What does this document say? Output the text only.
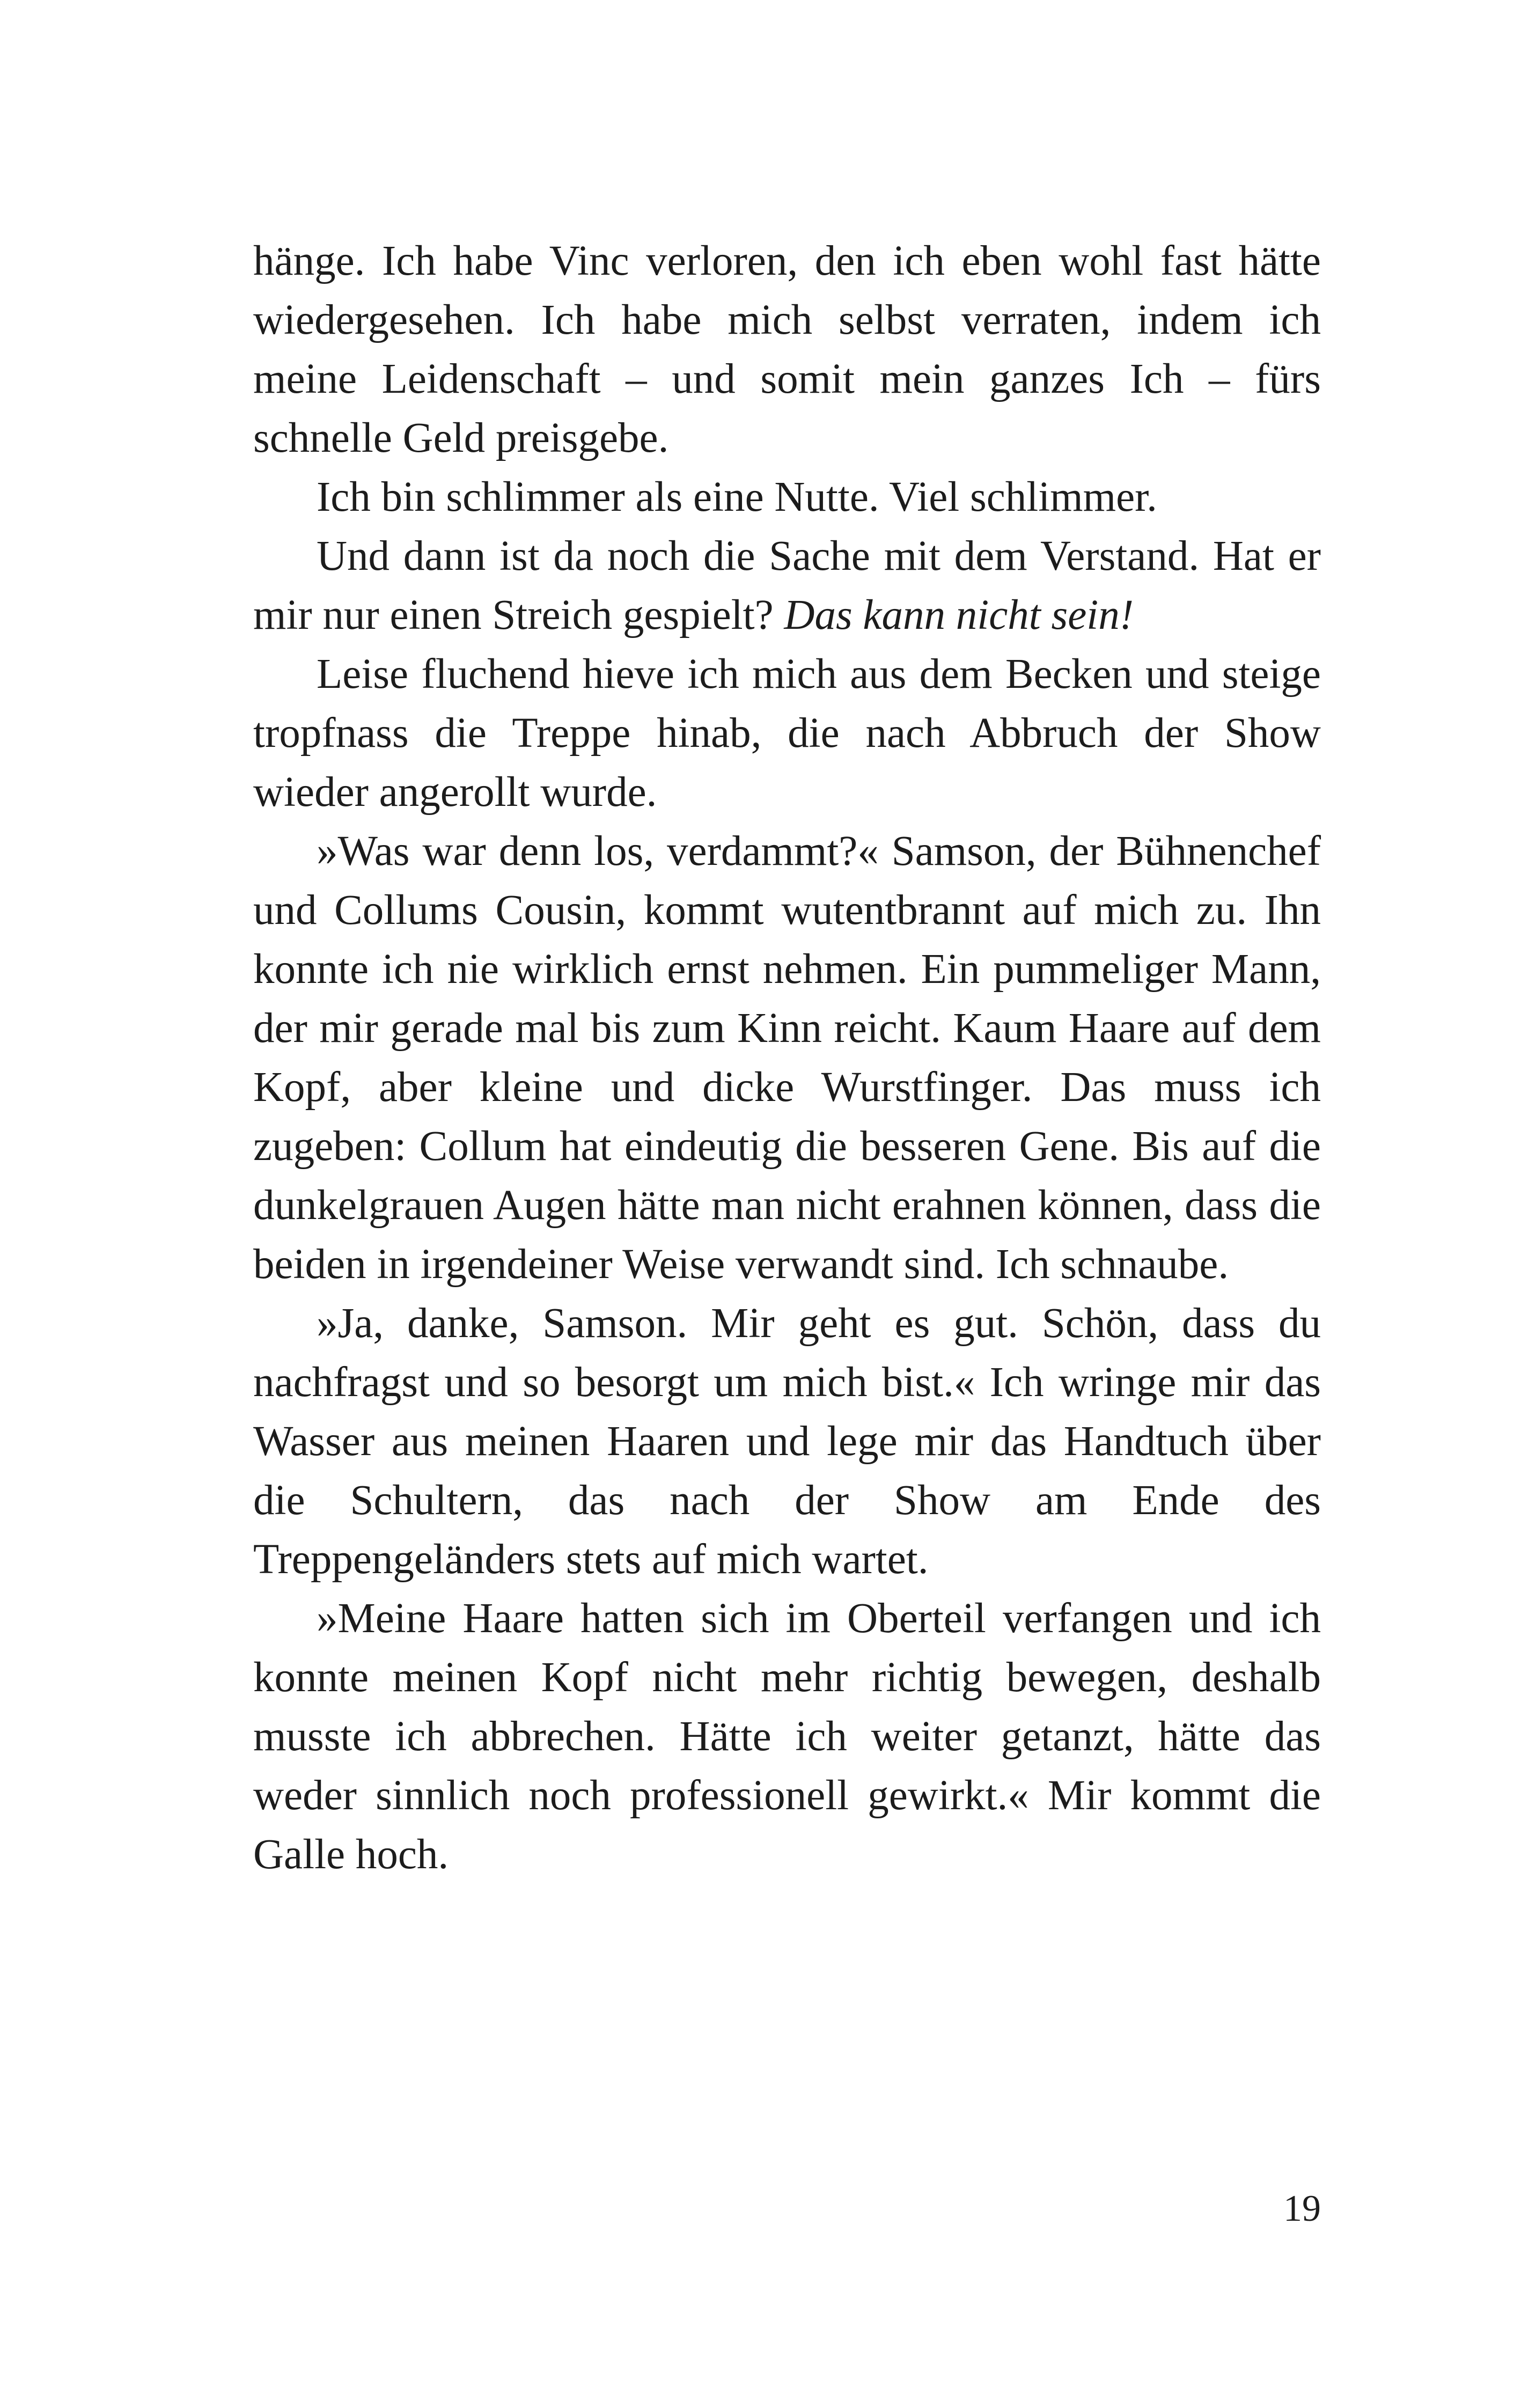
hänge. Ich habe Vinc verloren, den ich eben wohl fast hätte wiedergesehen. Ich habe mich selbst verraten, indem ich meine Leidenschaft – und somit mein ganzes Ich – fürs schnelle Geld preisgebe.

Ich bin schlimmer als eine Nutte. Viel schlimmer.

Und dann ist da noch die Sache mit dem Verstand. Hat er mir nur einen Streich gespielt? Das kann nicht sein!

Leise fluchend hieve ich mich aus dem Becken und steige tropfnass die Treppe hinab, die nach Abbruch der Show wieder angerollt wurde.

»Was war denn los, verdammt?« Samson, der Bühnenchef und Collums Cousin, kommt wutentbrannt auf mich zu. Ihn konnte ich nie wirklich ernst nehmen. Ein pummeliger Mann, der mir gerade mal bis zum Kinn reicht. Kaum Haare auf dem Kopf, aber kleine und dicke Wurstfinger. Das muss ich zugeben: Collum hat eindeutig die besseren Gene. Bis auf die dunkelgrauen Augen hätte man nicht erahnen können, dass die beiden in irgendeiner Weise verwandt sind. Ich schnaube.

»Ja, danke, Samson. Mir geht es gut. Schön, dass du nachfragst und so besorgt um mich bist.« Ich wringe mir das Wasser aus meinen Haaren und lege mir das Handtuch über die Schultern, das nach der Show am Ende des Treppengeländers stets auf mich wartet.

»Meine Haare hatten sich im Oberteil verfangen und ich konnte meinen Kopf nicht mehr richtig bewegen, deshalb musste ich abbrechen. Hätte ich weiter getanzt, hätte das weder sinnlich noch professionell gewirkt.« Mir kommt die Galle hoch.

19
